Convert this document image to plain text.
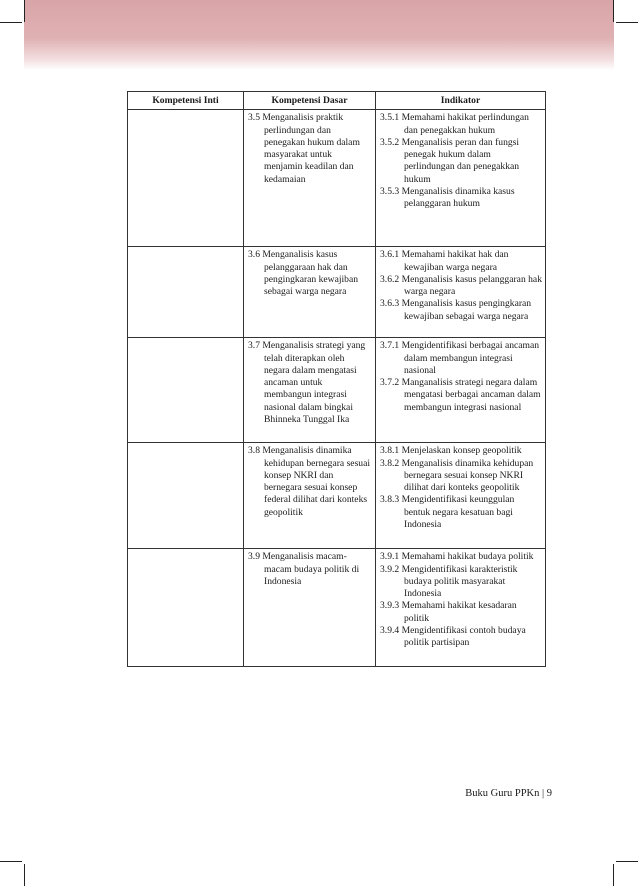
Kompetensi Inti	Kompetensi Dasar	Indikator

	3.5 Menganalisis praktik perlindungan dan penegakan hukum dalam masyarakat untuk menjamin keadilan dan kedamaian	3.5.1 Memahami hakikat perlindungan dan penegakkan hukum
3.5.2 Menganalisis peran dan fungsi penegak hukum dalam perlindungan dan penegakkan hukum
3.5.3 Menganalisis dinamika kasus pelanggaran hukum

	3.6 Menganalisis kasus pelanggaraan hak dan pengingkaran kewajiban sebagai warga negara	3.6.1 Memahami hakikat hak dan kewajiban warga negara
3.6.2 Menganalisis kasus pelanggaran hak warga negara
3.6.3 Menganalisis kasus pengingkaran kewajiban sebagai warga negara

	3.7 Menganalisis strategi yang telah diterapkan oleh negara dalam mengatasi ancaman untuk membangun integrasi nasional dalam bingkai Bhinneka Tunggal Ika	3.7.1 Mengidentifikasi berbagai ancaman dalam membangun integrasi nasional
3.7.2 Manganalisis strategi negara dalam mengatasi berbagai ancaman dalam membangun integrasi nasional

	3.8 Menganalisis dinamika kehidupan bernegara sesuai konsep NKRI dan bernegara sesuai konsep federal dilihat dari konteks geopolitik	3.8.1 Menjelaskan konsep geopolitik
3.8.2 Menganalisis dinamika kehidupan bernegara sesuai konsep NKRI dilihat dari konteks geopolitik
3.8.3 Mengidentifikasi keunggulan bentuk negara kesatuan bagi Indonesia

	3.9 Menganalisis macam-macam budaya politik di Indonesia	3.9.1 Memahami hakikat budaya politik
3.9.2 Mengidentifikasi karakteristik budaya politik masyarakat Indonesia
3.9.3 Memahami hakikat kesadaran politik
3.9.4 Mengidentifikasi contoh budaya politik partisipan
Buku Guru PPKn | 9
